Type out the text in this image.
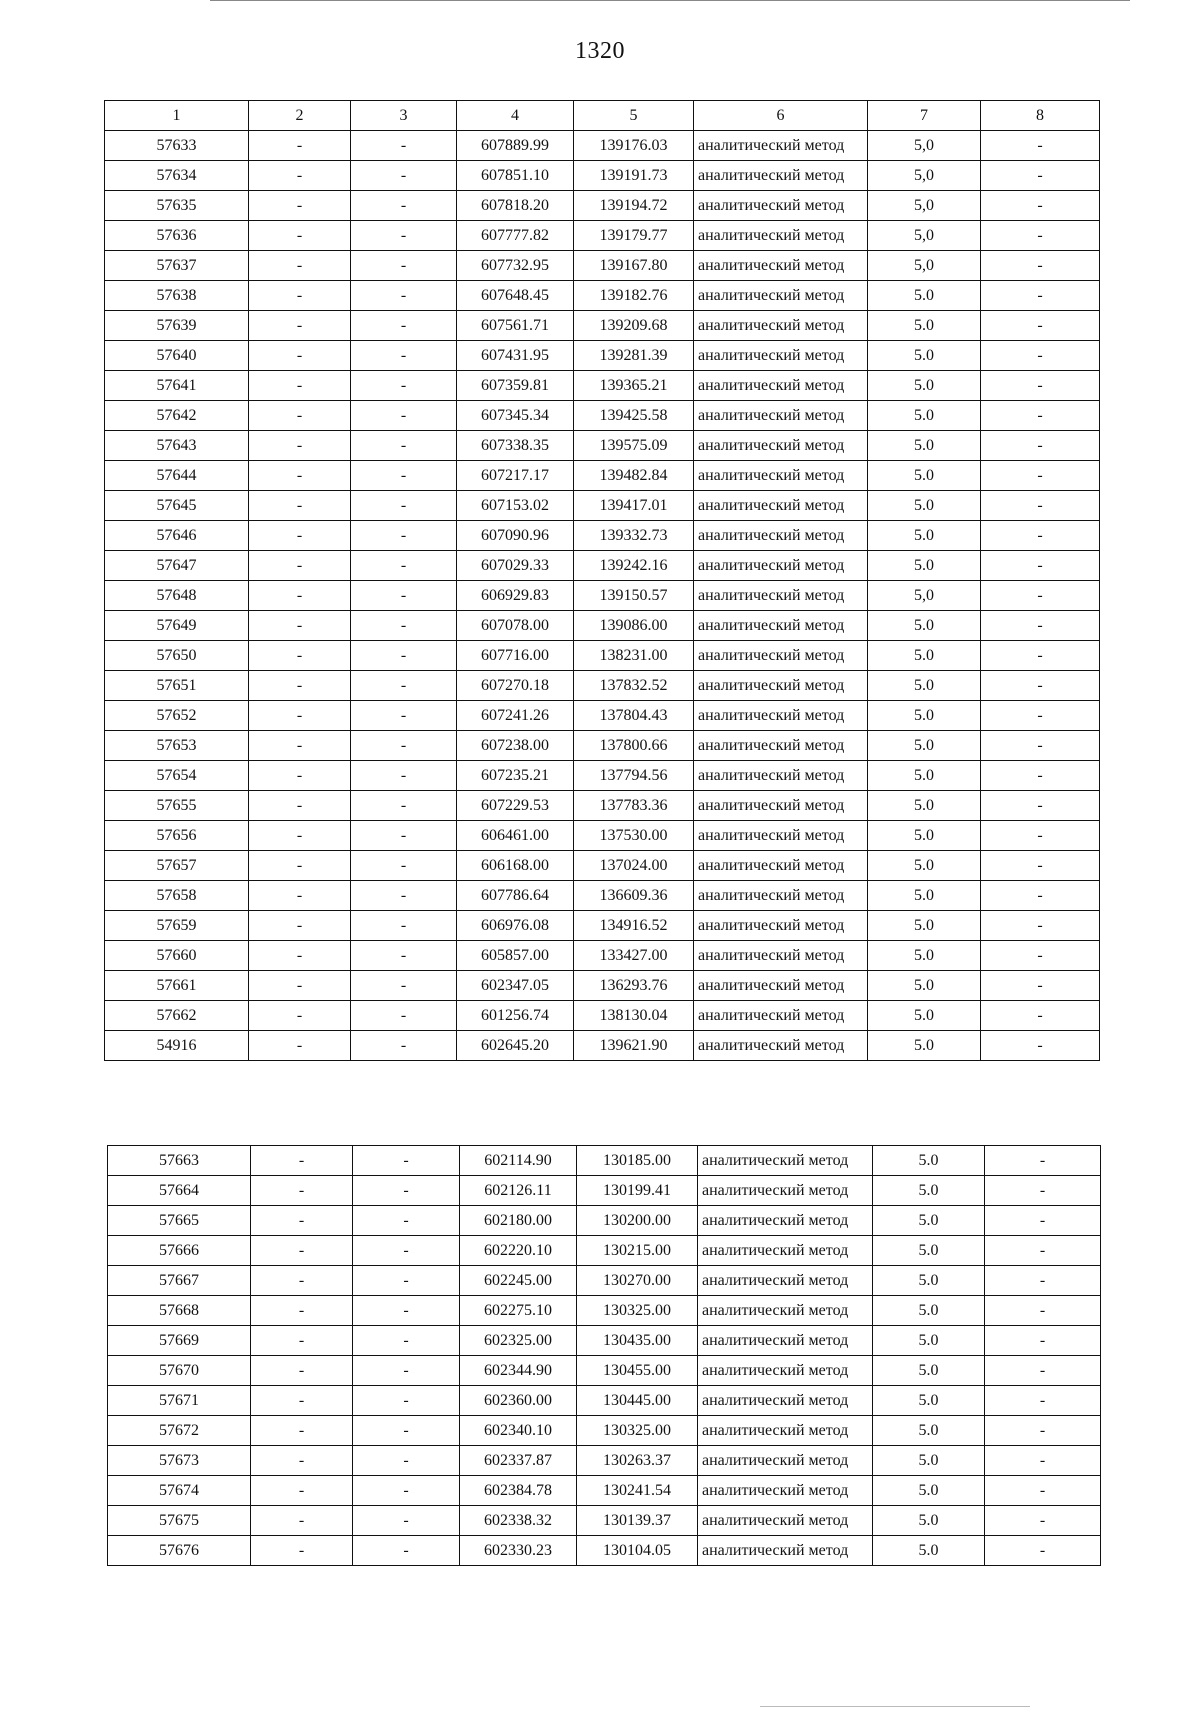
1320
1	2	3	4	5	6	7	8
57633	-	-	607889.99	139176.03	аналитический метод	5,0	-
57634	-	-	607851.10	139191.73	аналитический метод	5,0	-
57635	-	-	607818.20	139194.72	аналитический метод	5,0	-
57636	-	-	607777.82	139179.77	аналитический метод	5,0	-
57637	-	-	607732.95	139167.80	аналитический метод	5,0	-
57638	-	-	607648.45	139182.76	аналитический метод	5.0	-
57639	-	-	607561.71	139209.68	аналитический метод	5.0	-
57640	-	-	607431.95	139281.39	аналитический метод	5.0	-
57641	-	-	607359.81	139365.21	аналитический метод	5.0	-
57642	-	-	607345.34	139425.58	аналитический метод	5.0	-
57643	-	-	607338.35	139575.09	аналитический метод	5.0	-
57644	-	-	607217.17	139482.84	аналитический метод	5.0	-
57645	-	-	607153.02	139417.01	аналитический метод	5.0	-
57646	-	-	607090.96	139332.73	аналитический метод	5.0	-
57647	-	-	607029.33	139242.16	аналитический метод	5.0	-
57648	-	-	606929.83	139150.57	аналитический метод	5,0	-
57649	-	-	607078.00	139086.00	аналитический метод	5.0	-
57650	-	-	607716.00	138231.00	аналитический метод	5.0	-
57651	-	-	607270.18	137832.52	аналитический метод	5.0	-
57652	-	-	607241.26	137804.43	аналитический метод	5.0	-
57653	-	-	607238.00	137800.66	аналитический метод	5.0	-
57654	-	-	607235.21	137794.56	аналитический метод	5.0	-
57655	-	-	607229.53	137783.36	аналитический метод	5.0	-
57656	-	-	606461.00	137530.00	аналитический метод	5.0	-
57657	-	-	606168.00	137024.00	аналитический метод	5.0	-
57658	-	-	607786.64	136609.36	аналитический метод	5.0	-
57659	-	-	606976.08	134916.52	аналитический метод	5.0	-
57660	-	-	605857.00	133427.00	аналитический метод	5.0	-
57661	-	-	602347.05	136293.76	аналитический метод	5.0	-
57662	-	-	601256.74	138130.04	аналитический метод	5.0	-
54916	-	-	602645.20	139621.90	аналитический метод	5.0	-
57663	-	-	602114.90	130185.00	аналитический метод	5.0	-
57664	-	-	602126.11	130199.41	аналитический метод	5.0	-
57665	-	-	602180.00	130200.00	аналитический метод	5.0	-
57666	-	-	602220.10	130215.00	аналитический метод	5.0	-
57667	-	-	602245.00	130270.00	аналитический метод	5.0	-
57668	-	-	602275.10	130325.00	аналитический метод	5.0	-
57669	-	-	602325.00	130435.00	аналитический метод	5.0	-
57670	-	-	602344.90	130455.00	аналитический метод	5.0	-
57671	-	-	602360.00	130445.00	аналитический метод	5.0	-
57672	-	-	602340.10	130325.00	аналитический метод	5.0	-
57673	-	-	602337.87	130263.37	аналитический метод	5.0	-
57674	-	-	602384.78	130241.54	аналитический метод	5.0	-
57675	-	-	602338.32	130139.37	аналитический метод	5.0	-
57676	-	-	602330.23	130104.05	аналитический метод	5.0	-
